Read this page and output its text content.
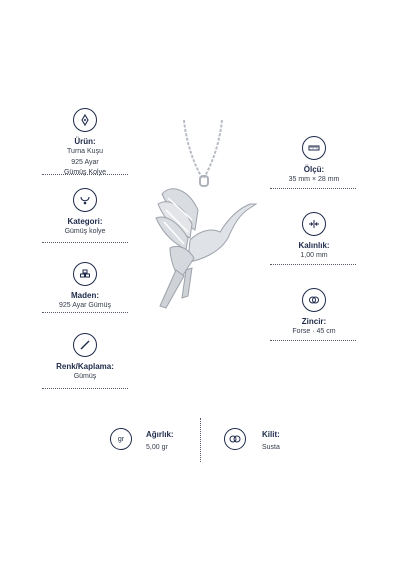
Ürün:
Turna Kuşu
925 Ayar
Gümüş Kolye
Kategori:
Gümüş kolye
Maden:
925 Ayar Gümüş
Renk/Kaplama:
Gümüş
Ölçü:
35 mm × 28 mm
Kalınlık:
1,00 mm
Zincir:
Forse · 45 cm
gr	Ağırlık:
5,00 gr
Kilit:
Susta
